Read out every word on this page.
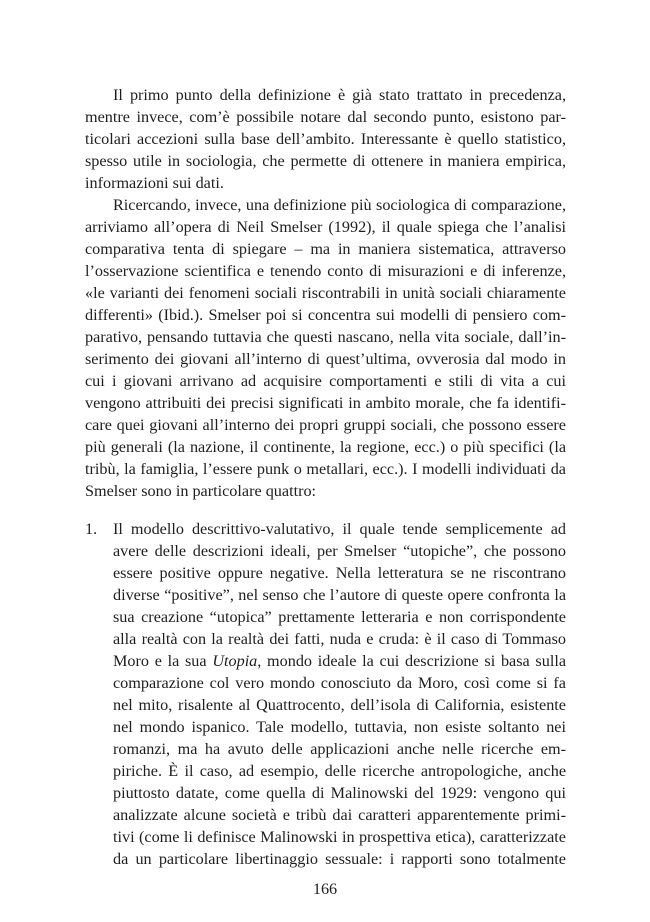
Il primo punto della definizione è già stato trattato in precedenza,
mentre invece, com’è possibile notare dal secondo punto, esistono par-
ticolari accezioni sulla base dell’ambito. Interessante è quello statistico,
spesso utile in sociologia, che permette di ottenere in maniera empirica,
informazioni sui dati.
Ricercando, invece, una definizione più sociologica di comparazione,
arriviamo all’opera di Neil Smelser (1992), il quale spiega che l’analisi
comparativa tenta di spiegare – ma in maniera sistematica, attraverso
l’osservazione scientifica e tenendo conto di misurazioni e di inferenze,
«le varianti dei fenomeni sociali riscontrabili in unità sociali chiaramente
differenti» (Ibid.). Smelser poi si concentra sui modelli di pensiero com-
parativo, pensando tuttavia che questi nascano, nella vita sociale, dall’in-
serimento dei giovani all’interno di quest’ultima, ovverosia dal modo in
cui i giovani arrivano ad acquisire comportamenti e stili di vita a cui
vengono attribuiti dei precisi significati in ambito morale, che fa identifi-
care quei giovani all’interno dei propri gruppi sociali, che possono essere
più generali (la nazione, il continente, la regione, ecc.) o più specifici (la
tribù, la famiglia, l’essere punk o metallari, ecc.). I modelli individuati da
Smelser sono in particolare quattro:
1. Il modello descrittivo-valutativo, il quale tende semplicemente ad
avere delle descrizioni ideali, per Smelser “utopiche”, che possono
essere positive oppure negative. Nella letteratura se ne riscontrano
diverse “positive”, nel senso che l’autore di queste opere confronta la
sua creazione “utopica” prettamente letteraria e non corrispondente
alla realtà con la realtà dei fatti, nuda e cruda: è il caso di Tommaso
Moro e la sua Utopia, mondo ideale la cui descrizione si basa sulla
comparazione col vero mondo conosciuto da Moro, così come si fa
nel mito, risalente al Quattrocento, dell’isola di California, esistente
nel mondo ispanico. Tale modello, tuttavia, non esiste soltanto nei
romanzi, ma ha avuto delle applicazioni anche nelle ricerche em-
piriche. È il caso, ad esempio, delle ricerche antropologiche, anche
piuttosto datate, come quella di Malinowski del 1929: vengono qui
analizzate alcune società e tribù dai caratteri apparentemente primi-
tivi (come li definisce Malinowski in prospettiva etica), caratterizzate
da un particolare libertinaggio sessuale: i rapporti sono totalmente
166
